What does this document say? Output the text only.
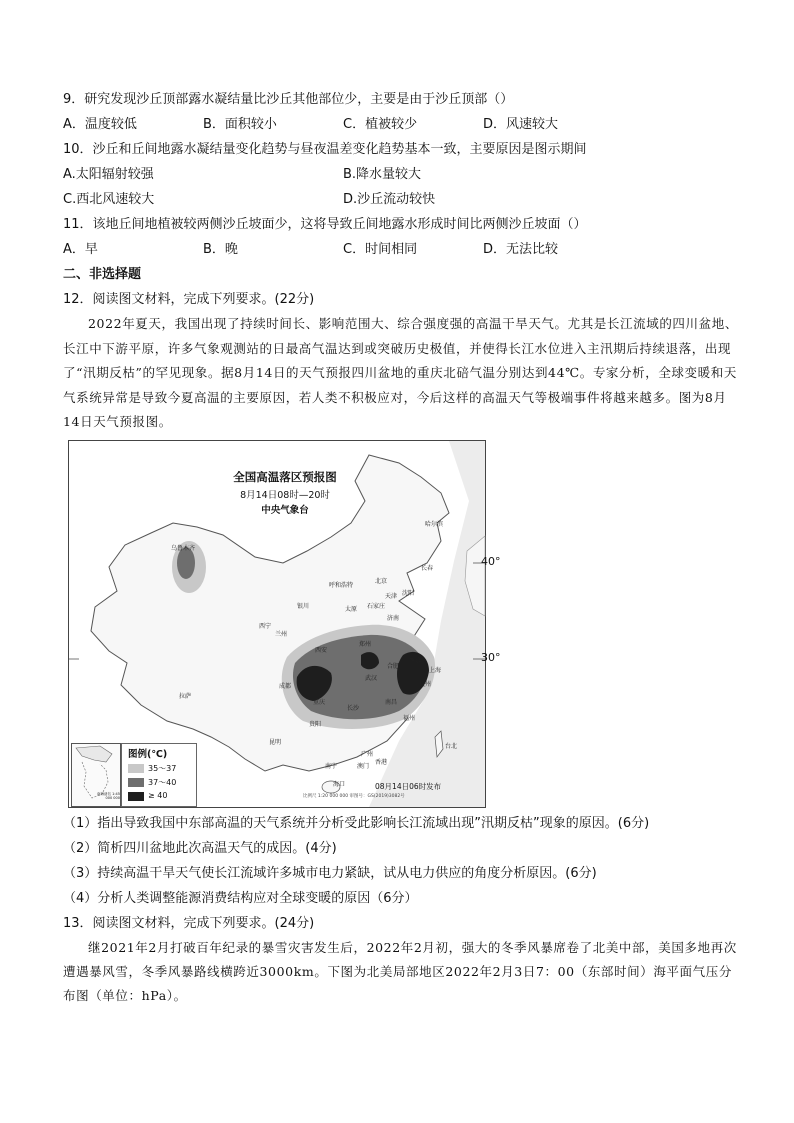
9．研究发现沙丘顶部露水凝结量比沙丘其他部位少，主要是由于沙丘顶部（）
A．温度较低	B．面积较小	C．植被较少	D．风速较大
10．沙丘和丘间地露水凝结量变化趋势与昼夜温差变化趋势基本一致，主要原因是图示期间
A.太阳辐射较强	B.降水量较大
C.西北风速较大	D.沙丘流动较快
11．该地丘间地植被较两侧沙丘坡面少，这将导致丘间地露水形成时间比两侧沙丘坡面（）
A．早	B．晚	C．时间相同	D．无法比较
二、非选择题
12．阅读图文材料，完成下列要求。(22分)
2022年夏天，我国出现了持续时间长、影响范围大、综合强度强的高温干旱天气。尤其是长江流域的四川盆地、长江中下游平原，许多气象观测站的日最高气温达到或突破历史极值，并使得长江水位进入主汛期后持续退落，出现了“汛期反枯”的罕见现象。据8月14日的天气预报四川盆地的重庆北碚气温分别达到44℃。专家分析，全球变暖和天气系统异常是导致今夏高温的主要原因，若人类不积极应对，今后这样的高温天气等极端事件将越来越多。图为8月14日天气预报图。
全国高温落区预报图
8月14日08时—20时
中央气象台
40°
30°
哈尔滨
长春
沈阳
乌鲁木齐
呼和浩特
北京
天津
银川	太原 石家庄
济南
西宁
兰州
郑州
西安
合肥
南京
上海
杭州
武汉
成都
重庆
长沙
南昌
拉萨
贵阳
福州
昆明
台北
南宁
广州
香港
澳门
海口
南海诸岛 1:45 000 000
图例(℃)
35～37
37～40
≥ 40
08月14日06时发布
比例尺 1:20 000 000 审图号：GS(2019)3082号
（1）指出导致我国中东部高温的天气系统并分析受此影响长江流域出现”汛期反枯”现象的原因。(6分)
（2）简析四川盆地此次高温天气的成因。(4分)
（3）持续高温干旱天气使长江流域许多城市电力紧缺，试从电力供应的角度分析原因。(6分)
（4）分析人类调整能源消费结构应对全球变暖的原因（6分）
13．阅读图文材料，完成下列要求。(24分)
继2021年2月打破百年纪录的暴雪灾害发生后，2022年2月初，强大的冬季风暴席卷了北美中部，美国多地再次遭遇暴风雪，冬季风暴路线横跨近3000km。下图为北美局部地区2022年2月3日7：00（东部时间）海平面气压分布图（单位：hPa）。
